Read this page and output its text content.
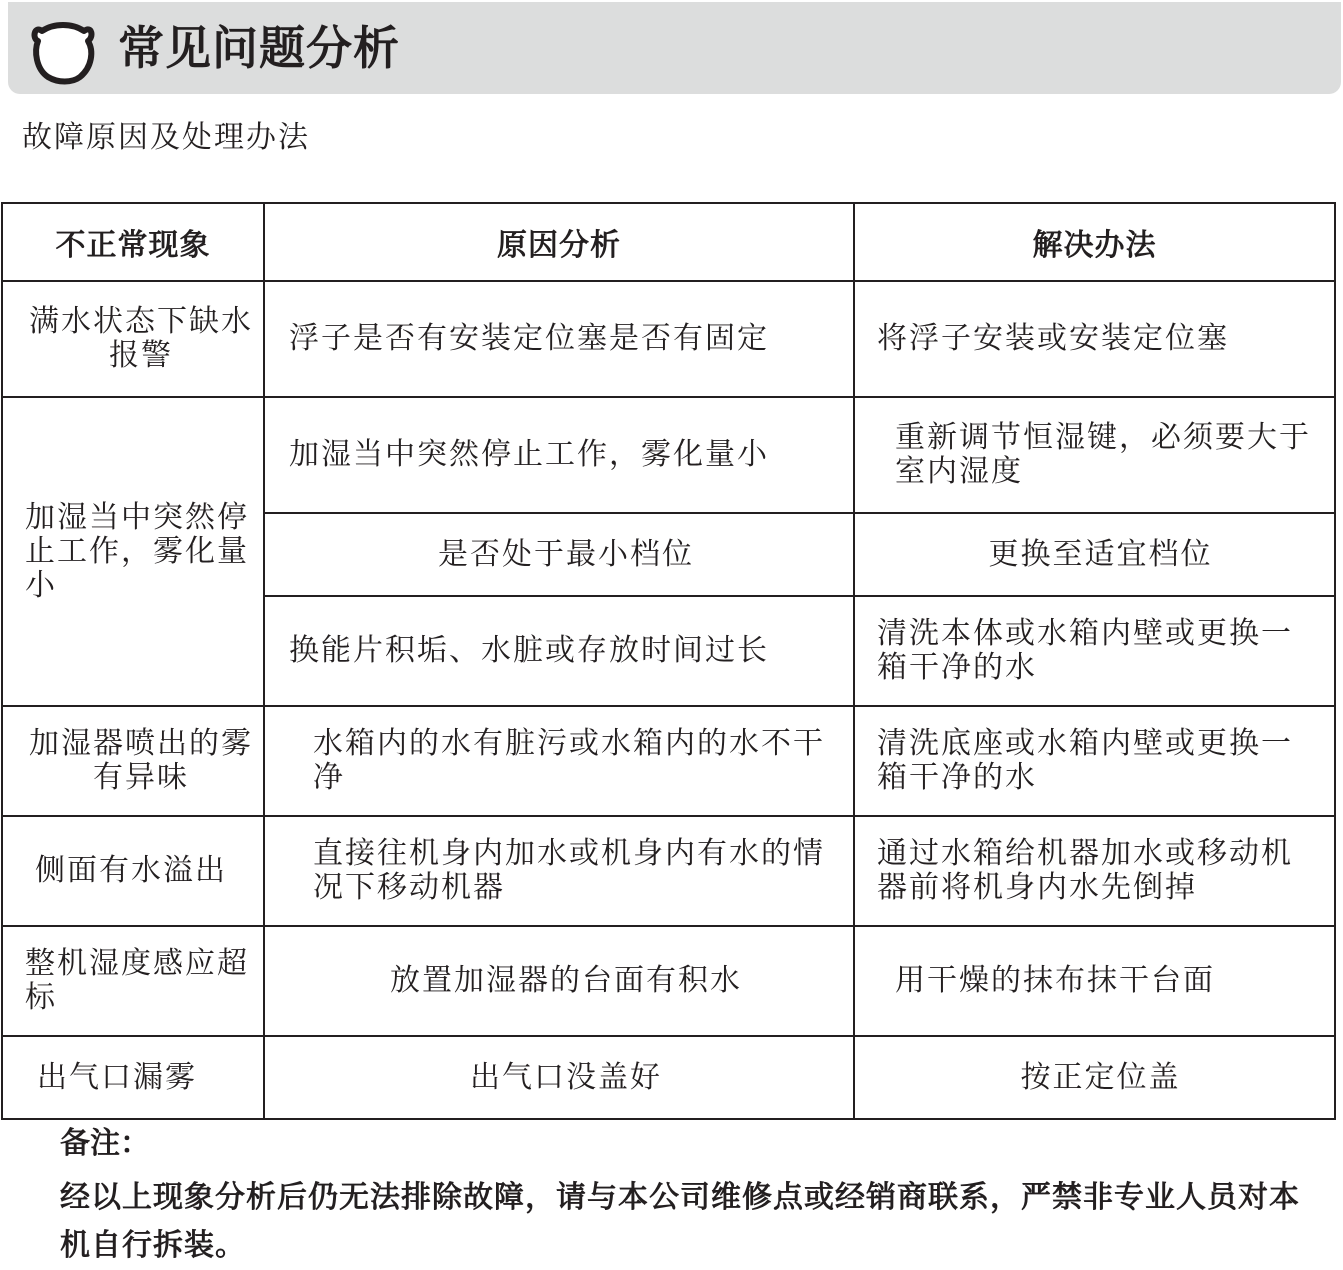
常见问题分析
故障原因及处理办法
不正常现象	原因分析	解决办法
满水状态下缺水报警	浮子是否有安装定位塞是否有固定	将浮子安装或安装定位塞
加湿当中突然停止工作，雾化量小	加湿当中突然停止工作，雾化量小	重新调节恒湿键，必须要大于室内湿度
	是否处于最小档位	更换至适宜档位
	换能片积垢、水脏或存放时间过长	清洗本体或水箱内壁或更换一箱干净的水
加湿器喷出的雾有异味	水箱内的水有脏污或水箱内的水不干净	清洗底座或水箱内壁或更换一箱干净的水
侧面有水溢出	直接往机身内加水或机身内有水的情况下移动机器	通过水箱给机器加水或移动机器前将机身内水先倒掉
整机湿度感应超标	放置加湿器的台面有积水	用干燥的抹布抹干台面
出气口漏雾	出气口没盖好	按正定位盖
备注：
经以上现象分析后仍无法排除故障，请与本公司维修点或经销商联系，严禁非专业人员对本机自行拆装。
